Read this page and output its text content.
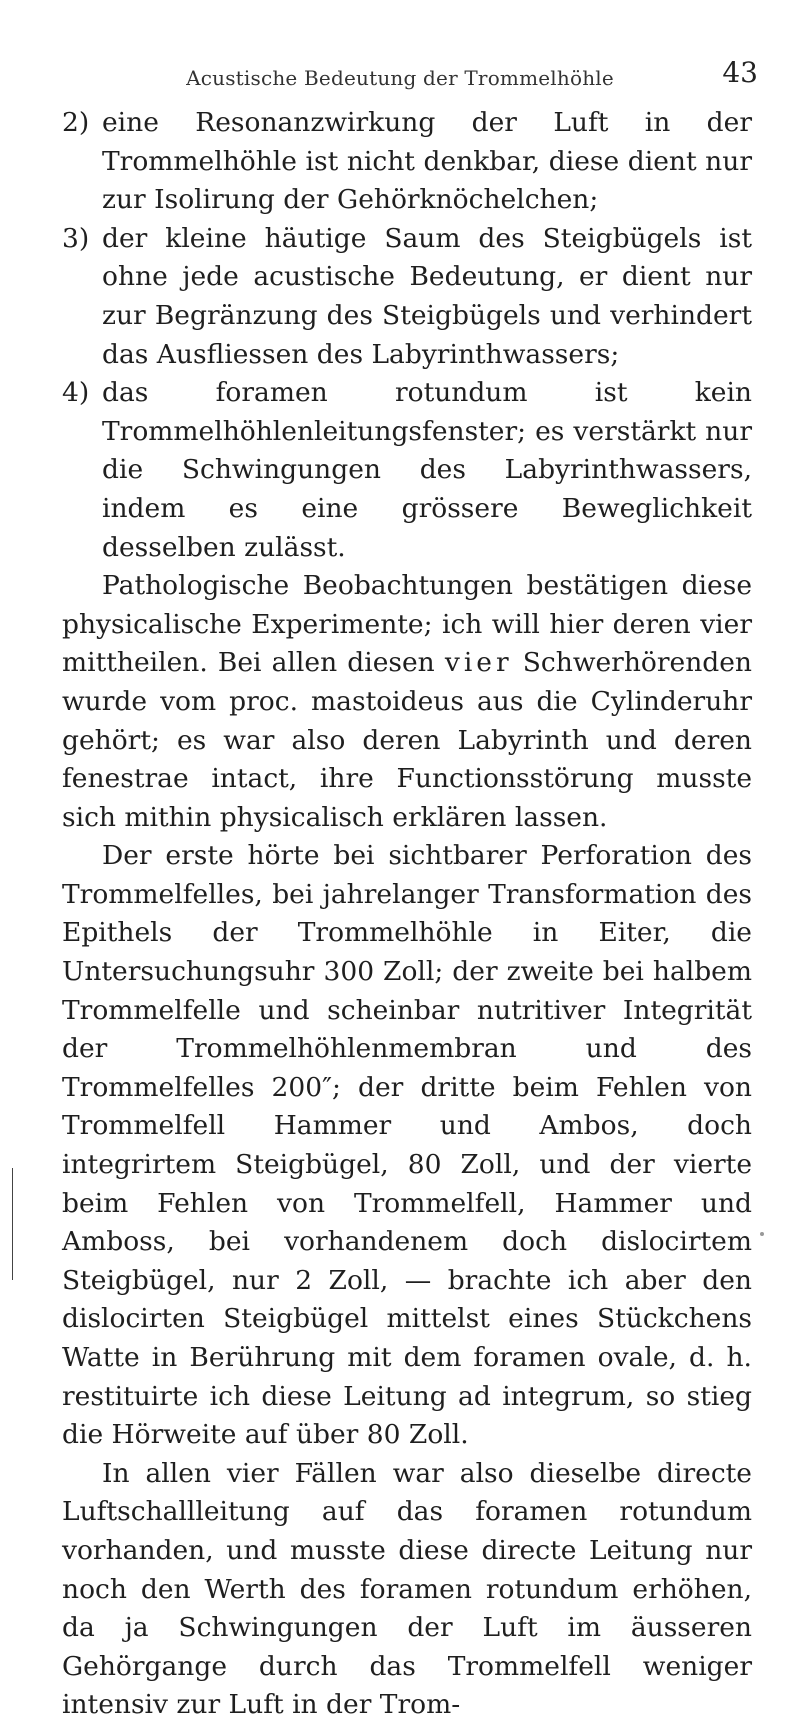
Acustische Bedeutung der Trommelhöhle	43

2) eine Resonanzwirkung der Luft in der Trommelhöhle ist nicht denkbar, diese dient nur zur Isolirung der Gehörknöchelchen;

3) der kleine häutige Saum des Steigbügels ist ohne jede acustische Bedeutung, er dient nur zur Begränzung des Steigbügels und verhindert das Ausfliessen des Labyrinthwassers;

4) das foramen rotundum ist kein Trommelhöhlenleitungsfenster; es verstärkt nur die Schwingungen des Labyrinthwassers, indem es eine grössere Beweglichkeit desselben zulässt.

Pathologische Beobachtungen bestätigen diese physicalische Experimente; ich will hier deren vier mittheilen. Bei allen diesen vier Schwerhörenden wurde vom proc. mastoideus aus die Cylinderuhr gehört; es war also deren Labyrinth und deren fenestrae intact, ihre Functionsstörung musste sich mithin physicalisch erklären lassen.

Der erste hörte bei sichtbarer Perforation des Trommelfelles, bei jahrelanger Transformation des Epithels der Trommelhöhle in Eiter, die Untersuchungsuhr 300 Zoll; der zweite bei halbem Trommelfelle und scheinbar nutritiver Integrität der Trommelhöhlenmembran und des Trommelfelles 200″; der dritte beim Fehlen von Trommelfell Hammer und Ambos, doch integrirtem Steigbügel, 80 Zoll, und der vierte beim Fehlen von Trommelfell, Hammer und Amboss, bei vorhandenem doch dislocirtem Steigbügel, nur 2 Zoll, — brachte ich aber den dislocirten Steigbügel mittelst eines Stückchens Watte in Berührung mit dem foramen ovale, d. h. restituirte ich diese Leitung ad integrum, so stieg die Hörweite auf über 80 Zoll.

In allen vier Fällen war also dieselbe directe Luftschallleitung auf das foramen rotundum vorhanden, und musste diese directe Leitung nur noch den Werth des foramen rotundum erhöhen, da ja Schwingungen der Luft im äusseren Gehörgange durch das Trommelfell weniger intensiv zur Luft in der Trom-
